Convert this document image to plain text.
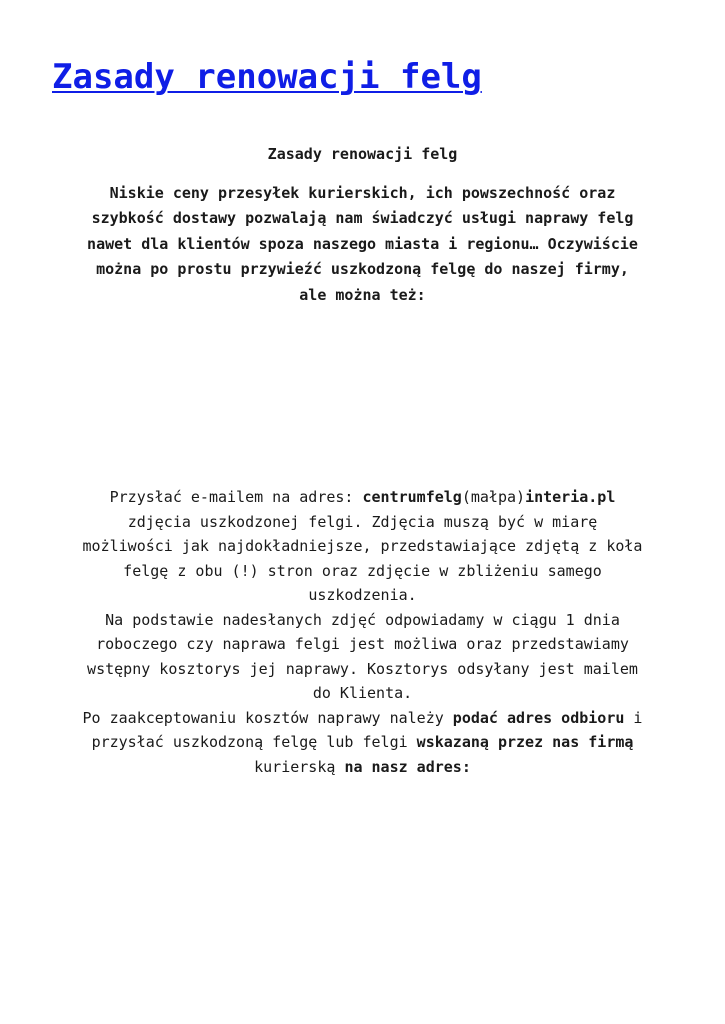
Zasady renowacji felg
Zasady renowacji felg
Niskie ceny przesyłek kurierskich, ich powszechność oraz
szybkość dostawy pozwalają nam świadczyć usługi naprawy felg
nawet dla klientów spoza naszego miasta i regionu… Oczywiście
można po prostu przywieźć uszkodzoną felgę do naszej firmy,
ale można też:
Przysłać e-mailem na adres: centrumfelg(małpa)interia.pl
zdjęcia uszkodzonej felgi. Zdjęcia muszą być w miarę
możliwości jak najdokładniejsze, przedstawiające zdjętą z koła
felgę z obu (!) stron oraz zdjęcie w zbliżeniu samego
uszkodzenia.
Na podstawie nadesłanych zdjęć odpowiadamy w ciągu 1 dnia
roboczego czy naprawa felgi jest możliwa oraz przedstawiamy
wstępny kosztorys jej naprawy. Kosztorys odsyłany jest mailem
do Klienta.
Po zaakceptowaniu kosztów naprawy należy podać adres odbioru i
przysłać uszkodzoną felgę lub felgi wskazaną przez nas firmą
kurierską na nasz adres:
